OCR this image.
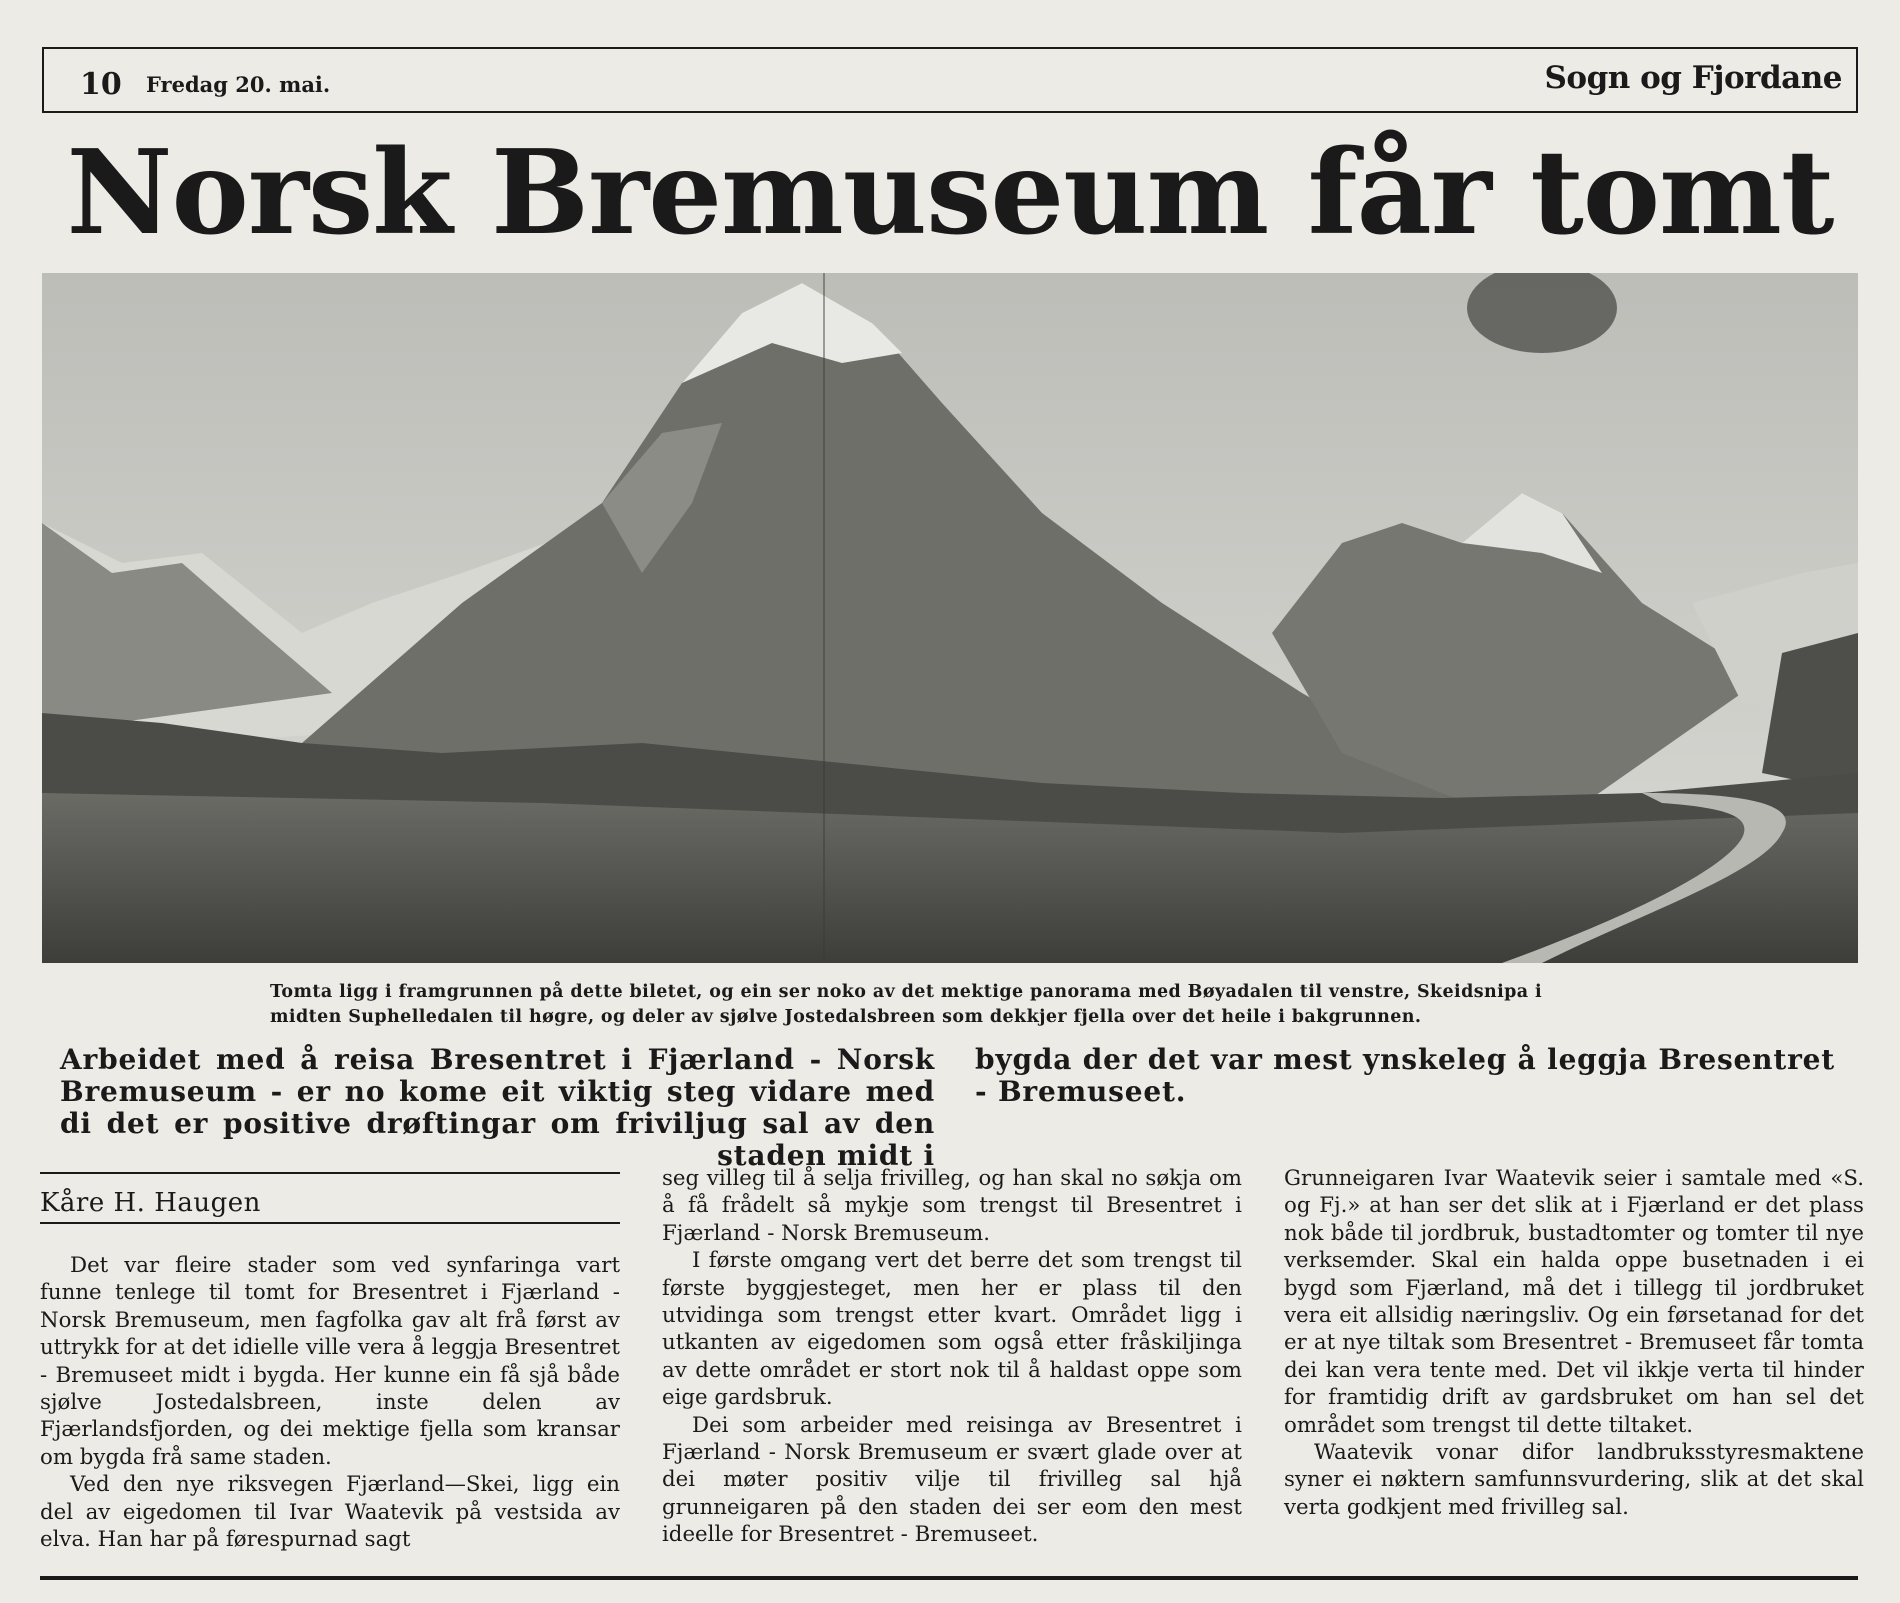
10 Fredag 20. mai.	Sogn og Fjordane
Norsk Bremuseum får tomt
Tomta ligg i framgrunnen på dette biletet, og ein ser noko av det mektige panorama med Bøyadalen til venstre, Skeidsnipa i
midten Suphelledalen til høgre, og deler av sjølve Jostedalsbreen som dekkjer fjella over det heile i bakgrunnen.
Arbeidet med å reisa Bresentret i Fjærland - Norsk Bremuseum - er no kome eit viktig steg vidare med di det er positive drøftingar om friviljug sal av den staden midt i
bygda der det var mest ynskeleg å leggja Bresentret - Bremuseet.
Kåre H. Haugen

Det var fleire stader som ved synfaringa vart funne tenlege til tomt for Bresentret i Fjærland - Norsk Bremuseum, men fagfolka gav alt frå først av uttrykk for at det idielle ville vera å leggja Bresentret - Bremuseet midt i bygda. Her kunne ein få sjå både sjølve Jostedalsbreen, inste delen av Fjærlandsfjorden, og dei mektige fjella som kransar om bygda frå same staden.

Ved den nye riksvegen Fjærland—Skei, ligg ein del av eigedomen til Ivar Waatevik på vestsida av elva. Han har på førespurnad sagt

seg villeg til å selja frivilleg, og han skal no søkja om å få frådelt så mykje som trengst til Bresentret i Fjærland - Norsk Bremuseum.

I første omgang vert det berre det som trengst til første byggjesteget, men her er plass til den utvidinga som trengst etter kvart. Området ligg i utkanten av eigedomen som også etter fråskiljinga av dette området er stort nok til å haldast oppe som eige gardsbruk.

Dei som arbeider med reisinga av Bresentret i Fjærland - Norsk Bremuseum er svært glade over at dei møter positiv vilje til frivilleg sal hjå grunneigaren på den staden dei ser eom den mest ideelle for Bresentret - Bremuseet.

Grunneigaren Ivar Waatevik seier i samtale med «S. og Fj.» at han ser det slik at i Fjærland er det plass nok både til jordbruk, bustadtomter og tomter til nye verksemder. Skal ein halda oppe busetnaden i ei bygd som Fjærland, må det i tillegg til jordbruket vera eit allsidig næringsliv. Og ein førsetanad for det er at nye tiltak som Bresentret - Bremuseet får tomta dei kan vera tente med. Det vil ikkje verta til hinder for framtidig drift av gardsbruket om han sel det området som trengst til dette tiltaket.

Waatevik vonar difor landbruksstyresmaktene syner ei nøktern samfunnsvurdering, slik at det skal verta godkjent med frivilleg sal.
